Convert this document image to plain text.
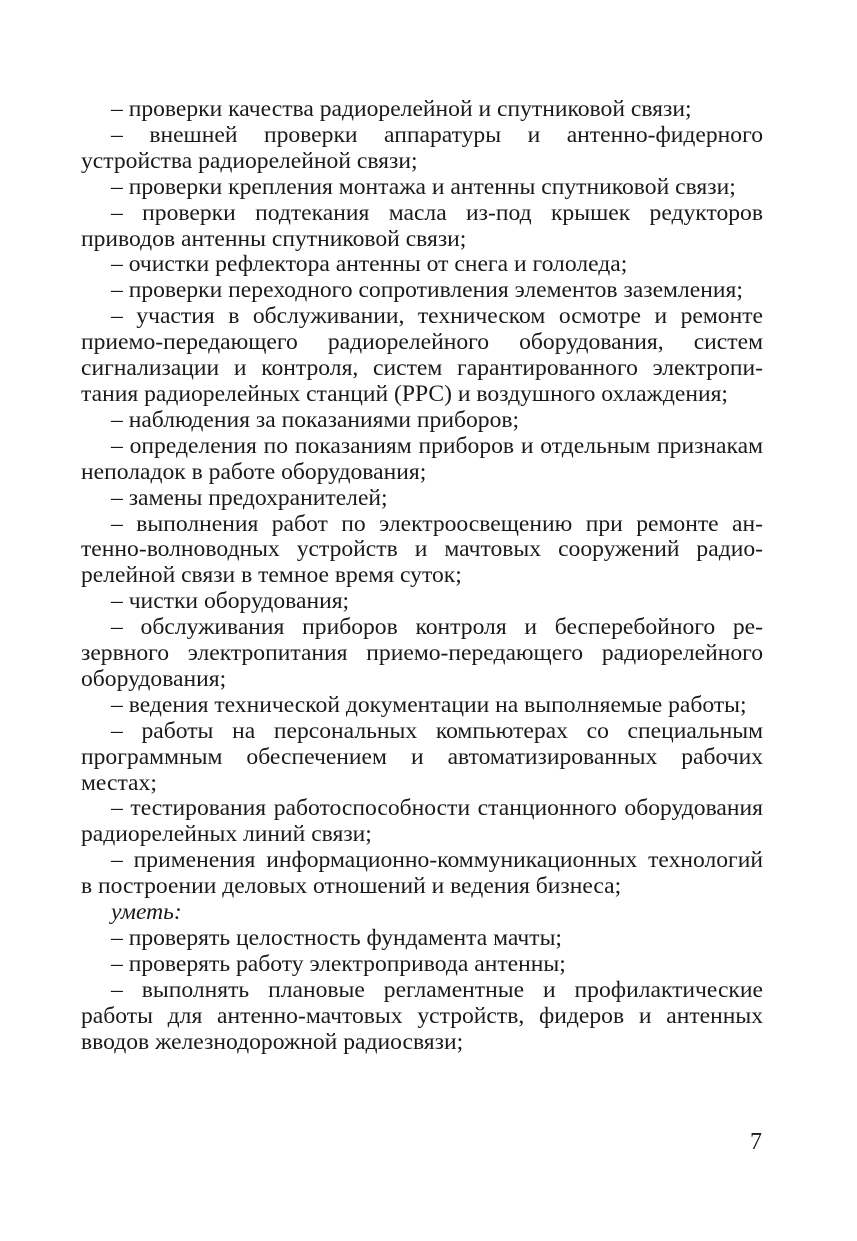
– проверки качества радиорелейной и спутниковой связи;

– внешней проверки аппаратуры и антенно-фидерного устройства радиорелейной связи;

– проверки крепления монтажа и антенны спутниковой связи;

– проверки подтекания масла из-под крышек редукторов приводов антенны спутниковой связи;

– очистки рефлектора антенны от снега и гололеда;

– проверки переходного сопротивления элементов заземления;

– участия в обслуживании, техническом осмотре и ремонте приемо-передающего радиорелейного оборудования, систем сигнализации и контроля, систем гарантированного электропитания радиорелейных станций (РРС) и воздушного охлаждения;

– наблюдения за показаниями приборов;

– определения по показаниям приборов и отдельным признакам неполадок в работе оборудования;

– замены предохранителей;

– выполнения работ по электроосвещению при ремонте антенно-волноводных устройств и мачтовых сооружений радиорелейной связи в темное время суток;

– чистки оборудования;

– обслуживания приборов контроля и бесперебойного резервного электропитания приемо-передающего радиорелейного оборудования;

– ведения технической документации на выполняемые работы;

– работы на персональных компьютерах со специальным программным обеспечением и автоматизированных рабочих местах;

– тестирования работоспособности станционного оборудования радиорелейных линий связи;

– применения информационно-коммуникационных технологий в построении деловых отношений и ведения бизнеса;

уметь:

– проверять целостность фундамента мачты;

– проверять работу электропривода антенны;

– выполнять плановые регламентные и профилактические работы для антенно-мачтовых устройств, фидеров и антенных вводов железнодорожной радиосвязи;

7
